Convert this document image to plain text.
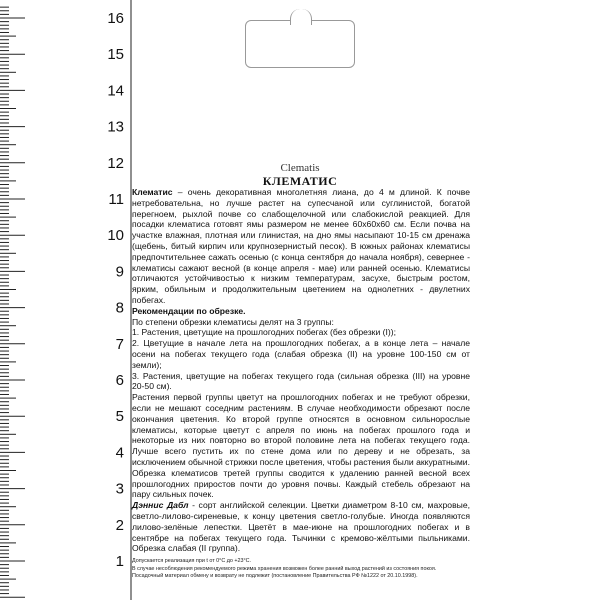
16
15
14
13
12
11
10
9
8
7
6
5
4
3
2
1
Clematis
КЛЕМАТИС

Клематис – очень декоративная многолетняя лиана, до 4 м длиной. К почве нетребовательна, но лучше растет на супесчаной или суглинистой, богатой перегноем, рыхлой почве со слабощелочной или слабокислой реакцией. Для посадки клематиса готовят ямы размером не менее 60х60х60 см. Если почва на участке влажная, плотная или глинистая, на дно ямы насыпают 10-15 см дренажа (щебень, битый кирпич или крупнозернистый песок). В южных районах клематисы предпочтительнее сажать осенью (с конца сентября до начала ноября), севернее - клематисы сажают весной (в конце апреля - мае) или ранней осенью. Клематисы отличаются устойчивостью к низким температурам, засухе, быстрым ростом, ярким, обильным и продолжительным цветением на однолетних - двулетних побегах.

Рекомендации по обрезке.

По степени обрезки клематисы делят на 3 группы:

1. Растения, цветущие на прошлогодних побегах (без обрезки (I));

2. Цветущие в начале лета на прошлогодних побегах, а в конце лета – начале осени на побегах текущего года (слабая обрезка (II) на уровне 100-150 см от земли);

3. Растения, цветущие на побегах текущего года (сильная обрезка (III) на уровне 20-50 см).

Растения первой группы цветут на прошлогодних побегах и не требуют обрезки, если не мешают соседним растениям. В случае необходимости обрезают после окончания цветения. Ко второй группе относятся в основном сильнорослые клематисы, которые цветут с апреля по июнь на побегах прошлого года и некоторые из них повторно во второй половине лета на побегах текущего года. Лучше всего пустить их по стене дома или по дереву и не обрезать, за исключением обычной стрижки после цветения, чтобы растения были аккуратными. Обрезка клематисов третей группы сводится к удалению ранней весной всех прошлогодних приростов почти до уровня почвы. Каждый стебель обрезают на пару сильных почек.

Дэннис Дабл - сорт английской селекции. Цветки диаметром 8-10 см, махровые, светло-лилово-сиреневые, к концу цветения светло-голубые. Иногда появляются лилово-зелёные лепестки. Цветёт в мае-июне на прошлогодних побегах и в сентябре на побегах текущего года. Тычинки с кремово-жёлтыми пыльниками. Обрезка слабая (II группа).

Допускается реализация при t от 0°С до +23°С.

В случае несоблюдения рекомендуемого режима хранения возможен более ранний выход растений из состояния покоя.

Посадочный материал обмену и возврату не подлежит (постановление Правительства РФ №1222 от 20.10.1998).
